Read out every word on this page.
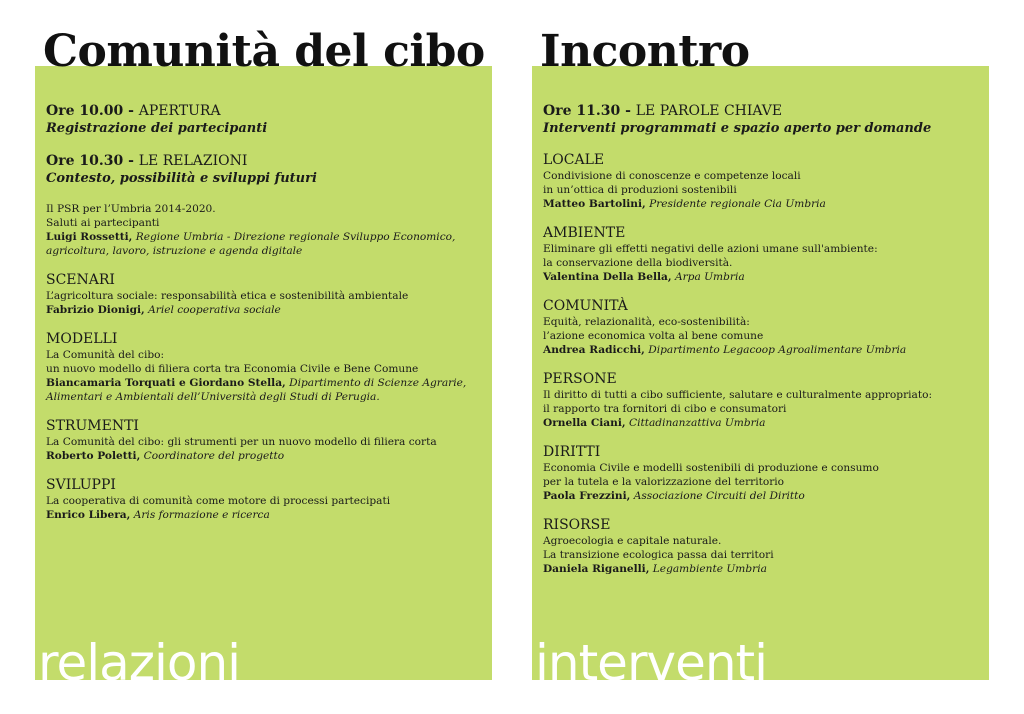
Ore 10.00 - APERTURA
Registrazione dei partecipanti
Ore 10.30 - LE RELAZIONI
Contesto, possibilità e sviluppi futuri
Il PSR per l’Umbria 2014-2020.
Saluti ai partecipanti
Luigi Rossetti, Regione Umbria - Direzione regionale Sviluppo Economico,
agricoltura, lavoro, istruzione e agenda digitale
SCENARI
L’agricoltura sociale: responsabilità etica e sostenibilità ambientale
Fabrizio Dionigi, Ariel cooperativa sociale
MODELLI
La Comunità del cibo:
un nuovo modello di filiera corta tra Economia Civile e Bene Comune
Biancamaria Torquati e Giordano Stella, Dipartimento di Scienze Agrarie,
Alimentari e Ambientali dell’Università degli Studi di Perugia.
STRUMENTI
La Comunità del cibo: gli strumenti per un nuovo modello di filiera corta
Roberto Poletti, Coordinatore del progetto
SVILUPPI
La cooperativa di comunità come motore di processi partecipati
Enrico Libera, Aris formazione e ricerca
relazioni
Ore 11.30 - LE PAROLE CHIAVE
Interventi programmati e spazio aperto per domande
LOCALE
Condivisione di conoscenze e competenze locali
in un’ottica di produzioni sostenibili
Matteo Bartolini, Presidente regionale Cia Umbria
AMBIENTE
Eliminare gli effetti negativi delle azioni umane sull'ambiente:
la conservazione della biodiversità.
Valentina Della Bella, Arpa Umbria
COMUNITÀ
Equità, relazionalità, eco-sostenibilità:
l’azione economica volta al bene comune
Andrea Radicchi, Dipartimento Legacoop Agroalimentare Umbria
PERSONE
Il diritto di tutti a cibo sufficiente, salutare e culturalmente appropriato:
il rapporto tra fornitori di cibo e consumatori
Ornella Ciani, Cittadinanzattiva Umbria
DIRITTI
Economia Civile e modelli sostenibili di produzione e consumo
per la tutela e la valorizzazione del territorio
Paola Frezzini, Associazione Circuiti del Diritto
RISORSE
Agroecologia e capitale naturale.
La transizione ecologica passa dai territori
Daniela Riganelli, Legambiente Umbria
interventi
Comunità del cibo Incontro
